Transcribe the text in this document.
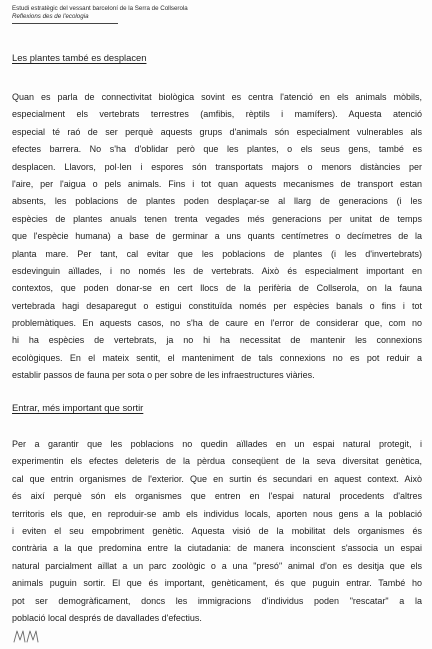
Estudi estratègic del vessant barceloní de la Serra de Collserola
Reflexions des de l'ecologia
Les plantes també es desplacen
Quan es parla de connectivitat biològica sovint es centra l'atenció en els animals mòbils,
especialment els vertebrats terrestres (amfibis, rèptils i mamífers). Aquesta atenció
especial té raó de ser perquè aquests grups d'animals són especialment vulnerables als
efectes barrera. No s'ha d'oblidar però que les plantes, o els seus gens, també es
desplacen. Llavors, pol·len i espores són transportats majors o menors distàncies per
l'aire, per l'aigua o pels animals. Fins i tot quan aquests mecanismes de transport estan
absents, les poblacions de plantes poden desplaçar-se al llarg de generacions (i les
espècies de plantes anuals tenen trenta vegades més generacions per unitat de temps
que l'espècie humana) a base de germinar a uns quants centímetres o decímetres de la
planta mare. Per tant, cal evitar que les poblacions de plantes (i les d'invertebrats)
esdevinguin aïllades, i no només les de vertebrats. Això és especialment important en
contextos, que poden donar-se en cert llocs de la perifèria de Collserola, on la fauna
vertebrada hagi desaparegut o estigui constituïda només per espècies banals o fins i tot
problemàtiques. En aquests casos, no s'ha de caure en l'error de considerar que, com no
hi ha espècies de vertebrats, ja no hi ha necessitat de mantenir les connexions
ecològiques. En el mateix sentit, el manteniment de tals connexions no es pot reduir a
establir passos de fauna per sota o per sobre de les infraestructures viàries.
Entrar, més important que sortir
Per a garantir que les poblacions no quedin aïllades en un espai natural protegit, i
experimentin els efectes deleteris de la pèrdua conseqüent de la seva diversitat genètica,
cal que entrin organismes de l'exterior. Que en surtin és secundari en aquest context. Això
és així perquè són els organismes que entren en l'espai natural procedents d'altres
territoris els que, en reproduir-se amb els individus locals, aporten nous gens a la població
i eviten el seu empobriment genètic. Aquesta visió de la mobilitat dels organismes és
contrària a la que predomina entre la ciutadania: de manera inconscient s'associa un espai
natural parcialment aïllat a un parc zoològic o a una "presó" animal d'on es desitja que els
animals puguin sortir. El que és important, genèticament, és que puguin entrar. També ho
pot ser demogràficament, doncs les immigracions d'individus poden "rescatar" a la
població local després de davallades d'efectius.
